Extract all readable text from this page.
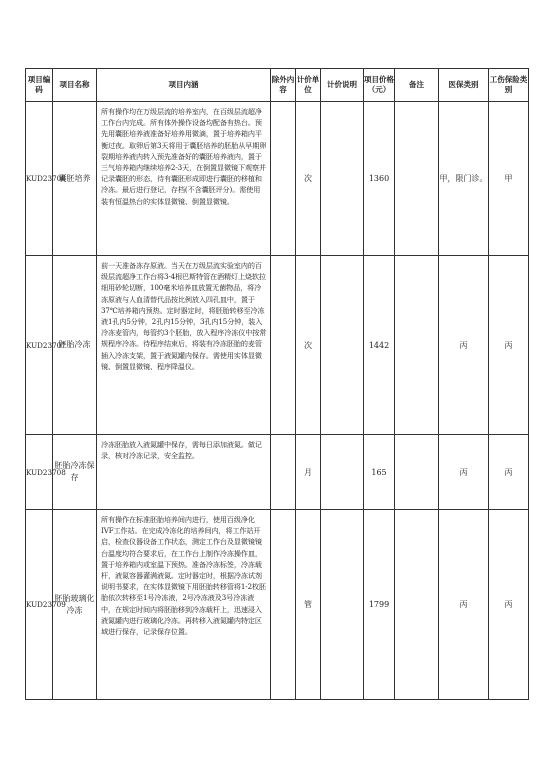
项目编码	项目名称	项目内涵	除外内容	计价单位	计价说明	项目价格（元）	备注	医保类别	工伤保险类别
KUD23706	囊胚培养	所有操作均在万级层流的培养室内，在百级层流超净工作台内完成。所有体外操作设备均配备有热台。预先用囊胚培养液准备好培养用微滴，置于培养箱内平衡过夜。取卵后第3天将用于囊胚培养的胚胎从早期卵裂期培养液内转入预先准备好的囊胚培养液内，置于三气培养箱内继续培养2-3天，在倒置显微镜下观察并记录囊胚的形态，待有囊胚形成即进行囊胚的移植和冷冻。最后进行登记，存档(不含囊胚评分)。需使用装有恒温热台的实体显微镜、倒置显微镜。		次		1360		甲，限门诊。	甲
KUD23707	胚胎冷冻	前一天准备冻存原液。当天在万级层流实验室内的百级层流超净工作台将3-4根巴斯特管在酒精灯上烧软拉细用砂轮切断，100毫米培养皿放置无菌物品，将冷冻原液与人血清替代品按比例放入四孔皿中，置于37℃培养箱内预热。定时器定时，将胚胎转移至冷冻液1孔内5分钟，2孔内15分钟，3孔内15分钟，装入冷冻麦管内，每管约3个胚胎，放入程序冷冻仪中按常规程序冷冻。待程序结束后，将装有冷冻胚胎的麦管插入冷冻支架，置于液氮罐内保存。需使用实体显微镜、倒置显微镜、程序降温仪。		次		1442		丙	丙
KUD23708	胚胎冷冻保存	冷冻胚胎放入液氮罐中保存，需每日添加液氮。做记录，核对冷冻记录，安全监控。		月		165		丙	丙
KUD23709	胚胎玻璃化冷冻	所有操作在标准胚胎培养间内进行，使用百级净化IVF工作站。在完成冷冻化的培养间内，将工作站开启，检查仪器设备工作状态，测定工作台及显微镜镜台温度均符合要求后，在工作台上制作冷冻操作皿，置于培养箱内或室温下预热。准备冷冻标签，冷冻载杆，液氮容器灌满液氮。定时器定时，根据冷冻试剂说明书要求，在实体显微镜下用胚胎转移管将1-2枚胚胎依次转移至1号冷冻液，2号冷冻液及3号冷冻液中，在规定时间内将胚胎移到冷冻载杆上，迅速浸入液氮罐内进行玻璃化冷冻。再转移入液氮罐内特定区域进行保存，记录保存位置。		管		1799		丙	丙
